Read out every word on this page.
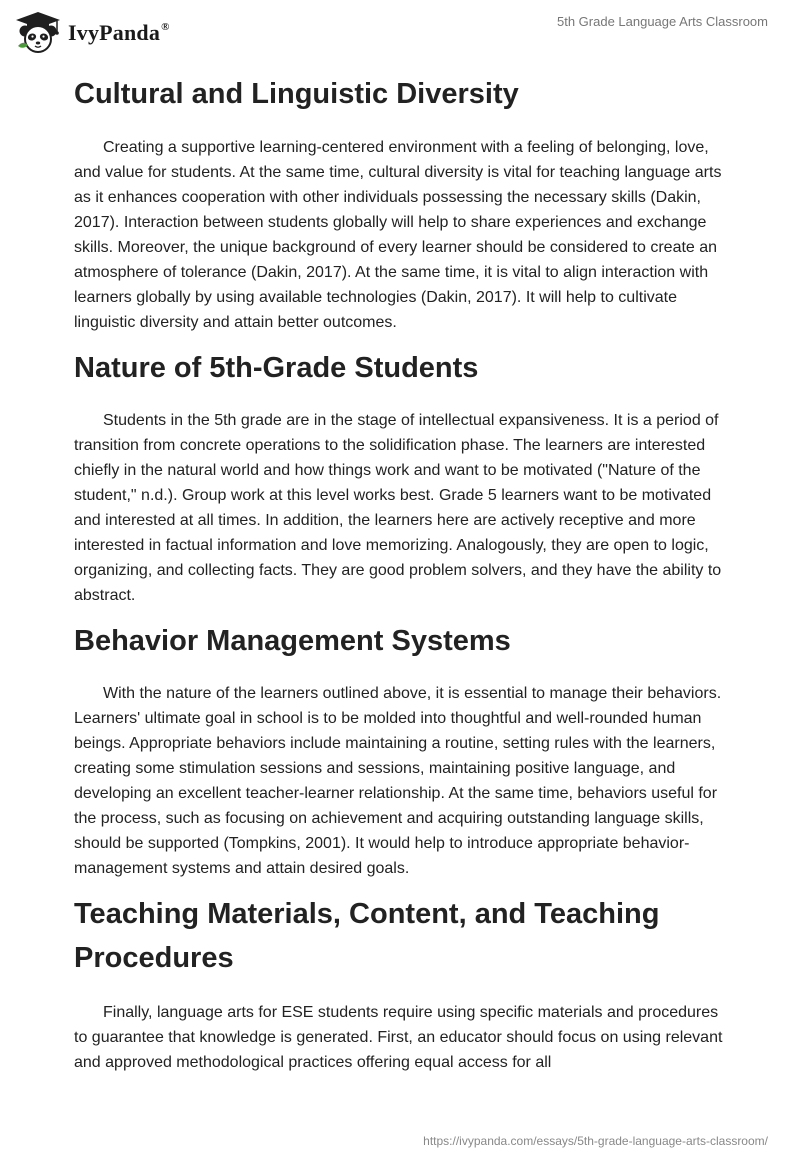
IvyPanda®	5th Grade Language Arts Classroom
Cultural and Linguistic Diversity

Creating a supportive learning-centered environment with a feeling of belonging, love, and value for students. At the same time, cultural diversity is vital for teaching language arts as it enhances cooperation with other individuals possessing the necessary skills (Dakin, 2017). Interaction between students globally will help to share experiences and exchange skills. Moreover, the unique background of every learner should be considered to create an atmosphere of tolerance (Dakin, 2017). At the same time, it is vital to align interaction with learners globally by using available technologies (Dakin, 2017). It will help to cultivate linguistic diversity and attain better outcomes.

Nature of 5th-Grade Students

Students in the 5th grade are in the stage of intellectual expansiveness. It is a period of transition from concrete operations to the solidification phase. The learners are interested chiefly in the natural world and how things work and want to be motivated ("Nature of the student," n.d.). Group work at this level works best. Grade 5 learners want to be motivated and interested at all times. In addition, the learners here are actively receptive and more interested in factual information and love memorizing. Analogously, they are open to logic, organizing, and collecting facts. They are good problem solvers, and they have the ability to abstract.

Behavior Management Systems

With the nature of the learners outlined above, it is essential to manage their behaviors. Learners' ultimate goal in school is to be molded into thoughtful and well-rounded human beings. Appropriate behaviors include maintaining a routine, setting rules with the learners, creating some stimulation sessions and sessions, maintaining positive language, and developing an excellent teacher-learner relationship. At the same time, behaviors useful for the process, such as focusing on achievement and acquiring outstanding language skills, should be supported (Tompkins, 2001). It would help to introduce appropriate behavior-management systems and attain desired goals.

Teaching Materials, Content, and Teaching Procedures

Finally, language arts for ESE students require using specific materials and procedures to guarantee that knowledge is generated. First, an educator should focus on using relevant and approved methodological practices offering equal access for all

https://ivypanda.com/essays/5th-grade-language-arts-classroom/
